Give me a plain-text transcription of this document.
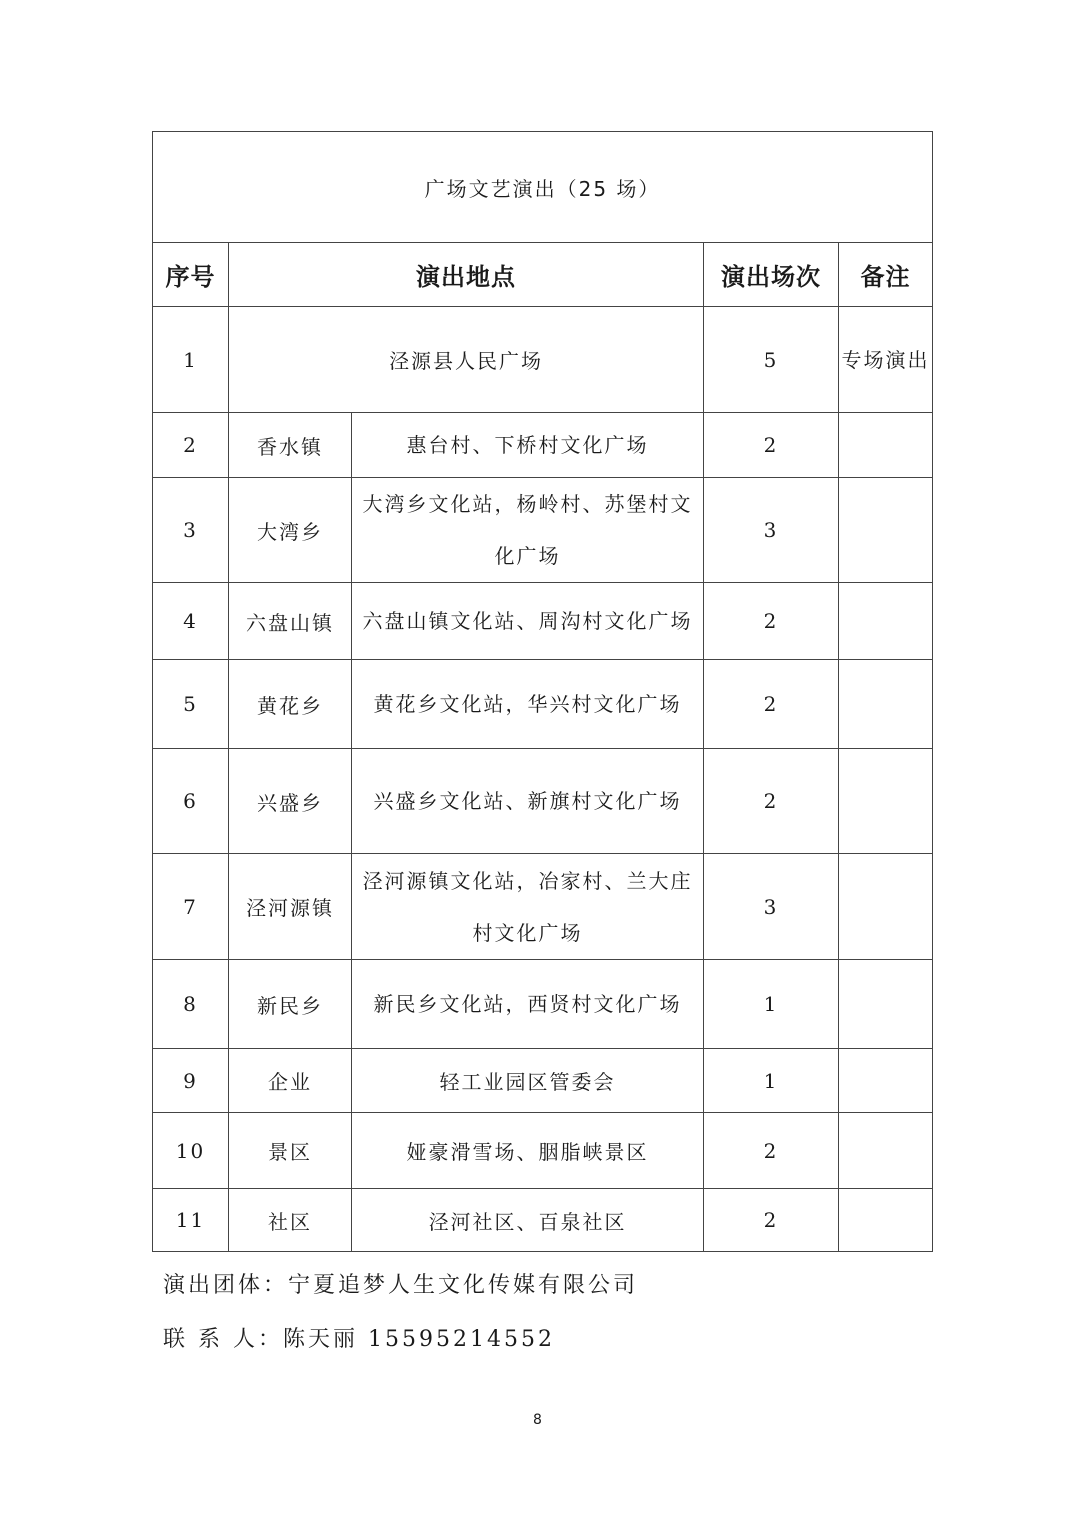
广场文艺演出（25 场）				
序号	演出地点		演出场次	备注
1	泾源县人民广场		5	专场演出
2	香水镇	惠台村、下桥村文化广场	2	
3	大湾乡	大湾乡文化站，杨岭村、苏堡村文化广场	3	
4	六盘山镇	六盘山镇文化站、周沟村文化广场	2	
5	黄花乡	黄花乡文化站，华兴村文化广场	2	
6	兴盛乡	兴盛乡文化站、新旗村文化广场	2	
7	泾河源镇	泾河源镇文化站，冶家村、兰大庄村文化广场	3	
8	新民乡	新民乡文化站，西贤村文化广场	1	
9	企业	轻工业园区管委会	1	
10	景区	娅豪滑雪场、胭脂峡景区	2	
11	社区	泾河社区、百泉社区	2	
演出团体：宁夏追梦人生文化传媒有限公司
联 系 人：陈天丽 15595214552
8
